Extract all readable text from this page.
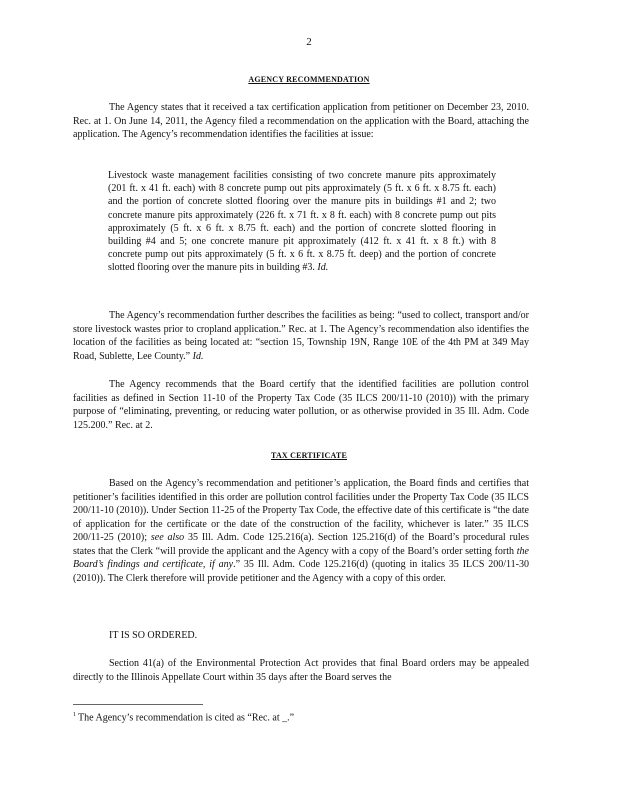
2
AGENCY RECOMMENDATION

The Agency states that it received a tax certification application from petitioner on December 23, 2010. Rec. at 1. On June 14, 2011, the Agency filed a recommendation on the application with the Board, attaching the application. The Agency’s recommendation identifies the facilities at issue:

Livestock waste management facilities consisting of two concrete manure pits approximately (201 ft. x 41 ft. each) with 8 concrete pump out pits approximately (5 ft. x 6 ft. x 8.75 ft. each) and the portion of concrete slotted flooring over the manure pits in buildings #1 and 2; two concrete manure pits approximately (226 ft. x 71 ft. x 8 ft. each) with 8 concrete pump out pits approximately (5 ft. x 6 ft. x 8.75 ft. each) and the portion of concrete slotted flooring in building #4 and 5; one concrete manure pit approximately (412 ft. x 41 ft. x 8 ft.) with 8 concrete pump out pits approximately (5 ft. x 6 ft. x 8.75 ft. deep) and the portion of concrete slotted flooring over the manure pits in building #3. Id.

The Agency’s recommendation further describes the facilities as being: “used to collect, transport and/or store livestock wastes prior to cropland application.” Rec. at 1. The Agency’s recommendation also identifies the location of the facilities as being located at: “section 15, Township 19N, Range 10E of the 4th PM at 349 May Road, Sublette, Lee County.” Id.

The Agency recommends that the Board certify that the identified facilities are pollution control facilities as defined in Section 11-10 of the Property Tax Code (35 ILCS 200/11-10 (2010)) with the primary purpose of “eliminating, preventing, or reducing water pollution, or as otherwise provided in 35 Ill. Adm. Code 125.200.” Rec. at 2.

TAX CERTIFICATE

Based on the Agency’s recommendation and petitioner’s application, the Board finds and certifies that petitioner’s facilities identified in this order are pollution control facilities under the Property Tax Code (35 ILCS 200/11-10 (2010)). Under Section 11-25 of the Property Tax Code, the effective date of this certificate is “the date of application for the certificate or the date of the construction of the facility, whichever is later.” 35 ILCS 200/11-25 (2010); see also 35 Ill. Adm. Code 125.216(a). Section 125.216(d) of the Board’s procedural rules states that the Clerk “will provide the applicant and the Agency with a copy of the Board’s order setting forth the Board’s findings and certificate, if any.” 35 Ill. Adm. Code 125.216(d) (quoting in italics 35 ILCS 200/11-30 (2010)). The Clerk therefore will provide petitioner and the Agency with a copy of this order.

IT IS SO ORDERED.

Section 41(a) of the Environmental Protection Act provides that final Board orders may be appealed directly to the Illinois Appellate Court within 35 days after the Board serves the

$^1$ The Agency’s recommendation is cited as “Rec. at _.”
